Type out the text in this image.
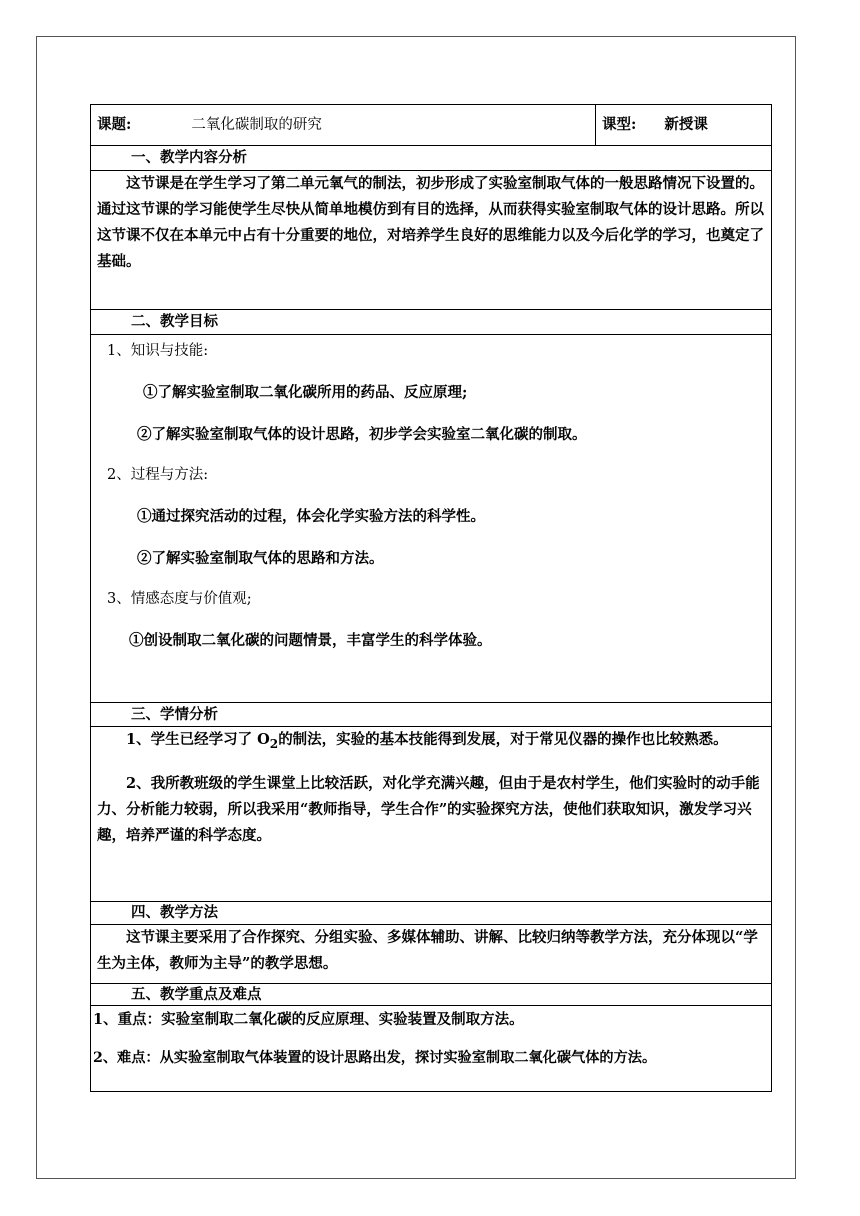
课题:	二氧化碳制取的研究	课型: 新授课
一、教学内容分析

这节课是在学生学习了第二单元氧气的制法，初步形成了实验室制取气体的一般思路情况下设置的。通过这节课的学习能使学生尽快从简单地模仿到有目的选择，从而获得实验室制取气体的设计思路。所以这节课不仅在本单元中占有十分重要的地位，对培养学生良好的思维能力以及今后化学的学习，也奠定了基础。

二、教学目标

1、知识与技能:

①了解实验室制取二氧化碳所用的药品、反应原理;

②了解实验室制取气体的设计思路，初步学会实验室二氧化碳的制取。

2、过程与方法:

①通过探究活动的过程，体会化学实验方法的科学性。

②了解实验室制取气体的思路和方法。

3、情感态度与价值观;

①创设制取二氧化碳的问题情景，丰富学生的科学体验。

三、学情分析

1、学生已经学习了 $O_2$的制法，实验的基本技能得到发展，对于常见仪器的操作也比较熟悉。

2、我所教班级的学生课堂上比较活跃，对化学充满兴趣，但由于是农村学生，他们实验时的动手能力、分析能力较弱，所以我采用“教师指导，学生合作”的实验探究方法，使他们获取知识，激发学习兴趣，培养严谨的科学态度。

四、教学方法

这节课主要采用了合作探究、分组实验、多媒体辅助、讲解、比较归纳等教学方法，充分体现以“学生为主体，教师为主导”的教学思想。

五、教学重点及难点

1、重点：实验室制取二氧化碳的反应原理、实验装置及制取方法。

2、难点：从实验室制取气体装置的设计思路出发，探讨实验室制取二氧化碳气体的方法。
